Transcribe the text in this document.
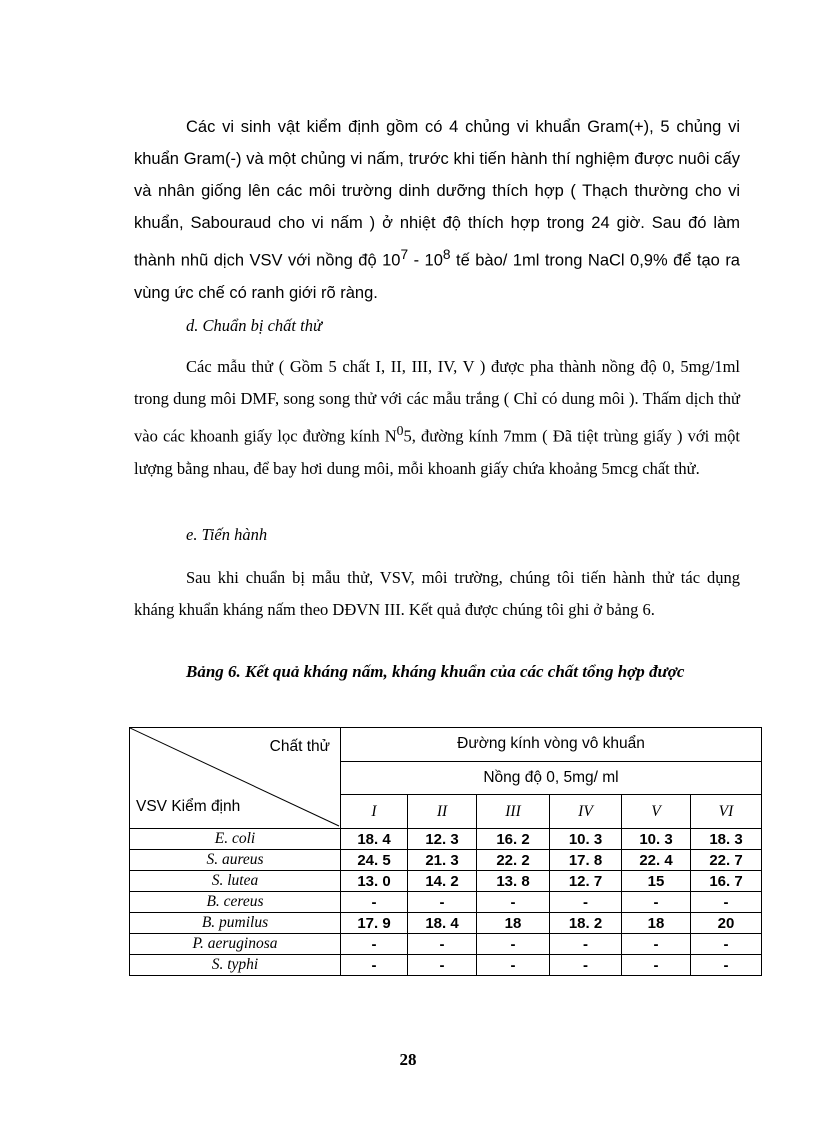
Các vi sinh vật kiểm định gồm có 4 chủng vi khuẩn Gram(+), 5 chủng vi khuẩn Gram(-) và một chủng vi nấm, trước khi tiến hành thí nghiệm được nuôi cấy và nhân giống lên các môi trường dinh dưỡng thích hợp ( Thạch thường cho vi khuẩn, Sabouraud cho vi nấm ) ở nhiệt độ thích hợp trong 24 giờ. Sau đó làm thành nhũ dịch VSV với nồng độ $10^7 - 10^8$ tế bào/ 1ml trong NaCl 0,9% để tạo ra vùng ức chế có ranh giới rõ ràng.

d. Chuẩn bị chất thử

Các mẫu thử ( Gồm 5 chất I, II, III, IV, V ) được pha thành nồng độ 0, 5mg/1ml trong dung môi DMF, song song thử với các mẫu trắng ( Chỉ có dung môi ). Thấm dịch thử vào các khoanh giấy lọc đường kính $N^05$, đường kính 7mm ( Đã tiệt trùng giấy ) với một lượng bằng nhau, để bay hơi dung môi, mỗi khoanh giấy chứa khoảng 5mcg chất thử.

e. Tiến hành

Sau khi chuẩn bị mẫu thử, VSV, môi trường, chúng tôi tiến hành thử tác dụng kháng khuẩn kháng nấm theo DĐVN III. Kết quả được chúng tôi ghi ở bảng 6.

Bảng 6. Kết quả kháng nấm, kháng khuẩn của các chất tổng hợp được

Chất thử
VSV Kiểm định	Đường kính vòng vô khuẩn					
	Nồng độ 0, 5mg/ ml					
	I	II	III	IV	V	VI
E. coli	18. 4	12. 3	16. 2	10. 3	10. 3	18. 3
S. aureus	24. 5	21. 3	22. 2	17. 8	22. 4	22. 7
S. lutea	13. 0	14. 2	13. 8	12. 7	15	16. 7
B. cereus	-	-	-	-	-	-
B. pumilus	17. 9	18. 4	18	18. 2	18	20
P. aeruginosa	-	-	-	-	-	-
S. typhi	-	-	-	-	-	-
28
